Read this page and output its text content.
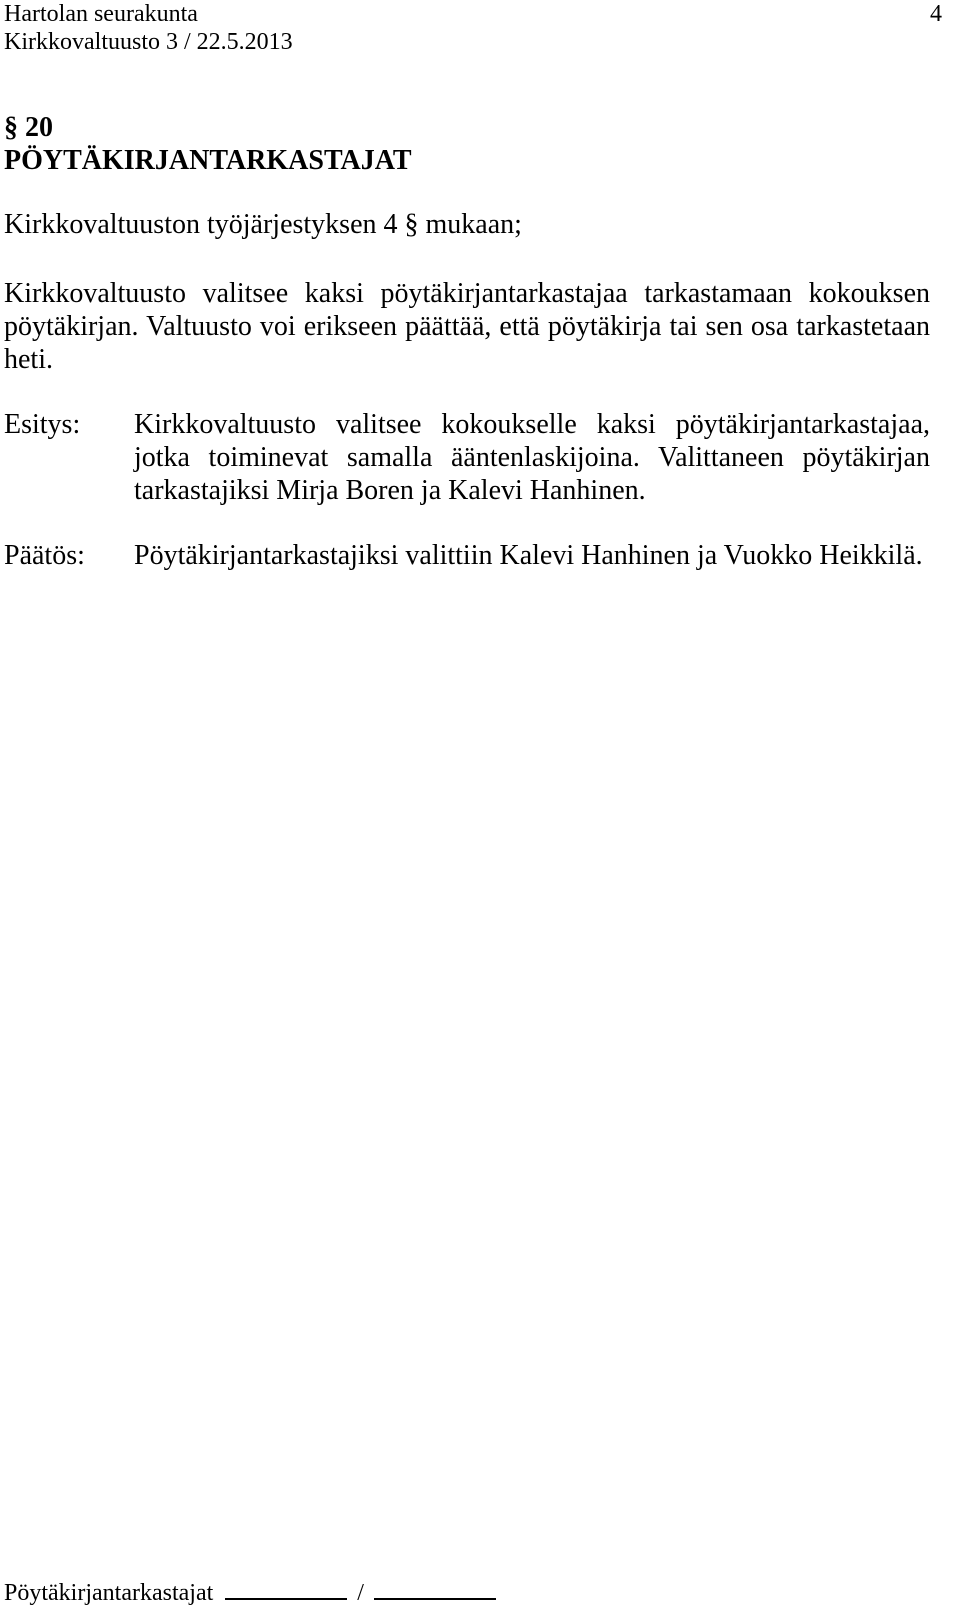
Hartolan seurakunta	4
Kirkkovaltuusto 3 / 22.5.2013
§ 20
PÖYTÄKIRJANTARKASTAJAT
Kirkkovaltuuston työjärjestyksen 4 § mukaan;
Kirkkovaltuusto valitsee kaksi pöytäkirjantarkastajaa tarkastamaan kokouksen pöytäkirjan. Valtuusto voi erikseen päättää, että pöytäkirja tai sen osa tarkastetaan heti.
Esitys: Kirkkovaltuusto valitsee kokoukselle kaksi pöytäkirjantarkastajaa, jotka toiminevat samalla ääntenlaskijoina. Valittaneen pöytäkirjan tarkastajiksi Mirja Boren ja Kalevi Hanhinen.
Päätös: Pöytäkirjantarkastajiksi valittiin Kalevi Hanhinen ja Vuokko Heikkilä.
Pöytäkirjantarkastajat	/
